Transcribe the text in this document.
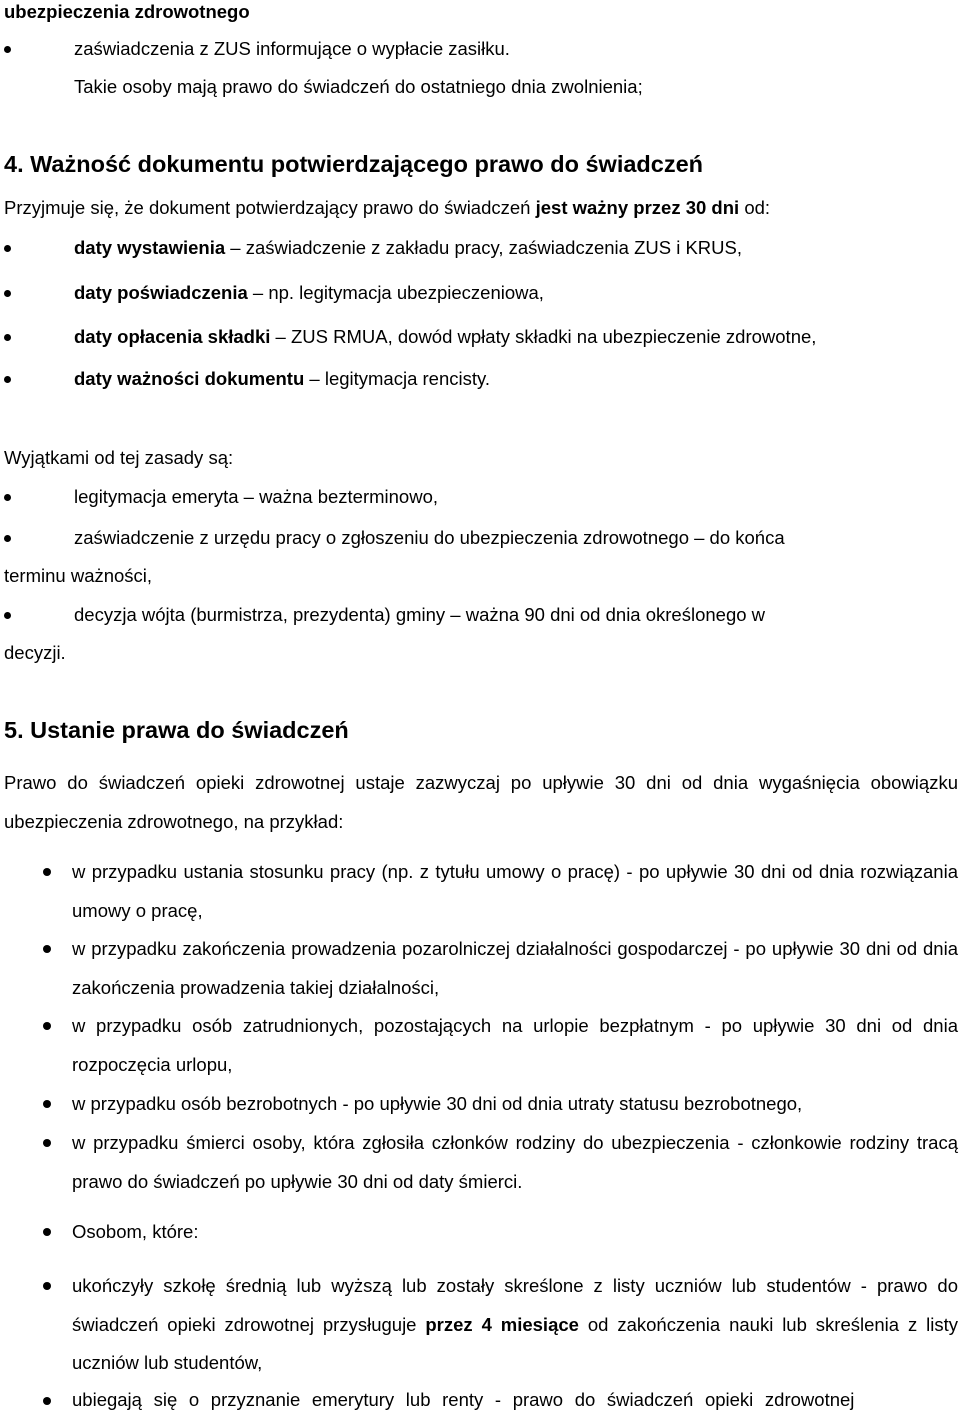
ubezpieczenia zdrowotnego
zaświadczenia z ZUS informujące o wypłacie zasiłku.
Takie osoby mają prawo do świadczeń do ostatniego dnia zwolnienia;
4. Ważność dokumentu potwierdzającego prawo do świadczeń
Przyjmuje się, że dokument potwierdzający prawo do świadczeń jest ważny przez 30 dni od:
daty wystawienia – zaświadczenie z zakładu pracy, zaświadczenia ZUS i KRUS,
daty poświadczenia – np. legitymacja ubezpieczeniowa,
daty opłacenia składki – ZUS RMUA, dowód wpłaty składki na ubezpieczenie zdrowotne,
daty ważności dokumentu – legitymacja rencisty.
Wyjątkami od tej zasady są:
legitymacja emeryta – ważna bezterminowo,
zaświadczenie z urzędu pracy o zgłoszeniu do ubezpieczenia zdrowotnego – do końca
terminu ważności,
decyzja wójta (burmistrza, prezydenta) gminy – ważna 90 dni od dnia określonego w
decyzji.
5. Ustanie prawa do świadczeń
Prawo do świadczeń opieki zdrowotnej ustaje zazwyczaj po upływie 30 dni od dnia wygaśnięcia obowiązku ubezpieczenia zdrowotnego, na przykład:
w przypadku ustania stosunku pracy (np. z tytułu umowy o pracę) - po upływie 30 dni od dnia rozwiązania umowy o pracę,
w przypadku zakończenia prowadzenia pozarolniczej działalności gospodarczej - po upływie 30 dni od dnia zakończenia prowadzenia takiej działalności,
w przypadku osób zatrudnionych, pozostających na urlopie bezpłatnym - po upływie 30 dni od dnia rozpoczęcia urlopu,
w przypadku osób bezrobotnych - po upływie 30 dni od dnia utraty statusu bezrobotnego,
w przypadku śmierci osoby, która zgłosiła członków rodziny do ubezpieczenia - członkowie rodziny tracą prawo do świadczeń po upływie 30 dni od daty śmierci.
Osobom, które:
ukończyły szkołę średnią lub wyższą lub zostały skreślone z listy uczniów lub studentów - prawo do świadczeń opieki zdrowotnej przysługuje przez 4 miesiące od zakończenia nauki lub skreślenia z listy uczniów lub studentów,
ubiegają się o przyznanie emerytury lub renty - prawo do świadczeń opieki zdrowotnej
